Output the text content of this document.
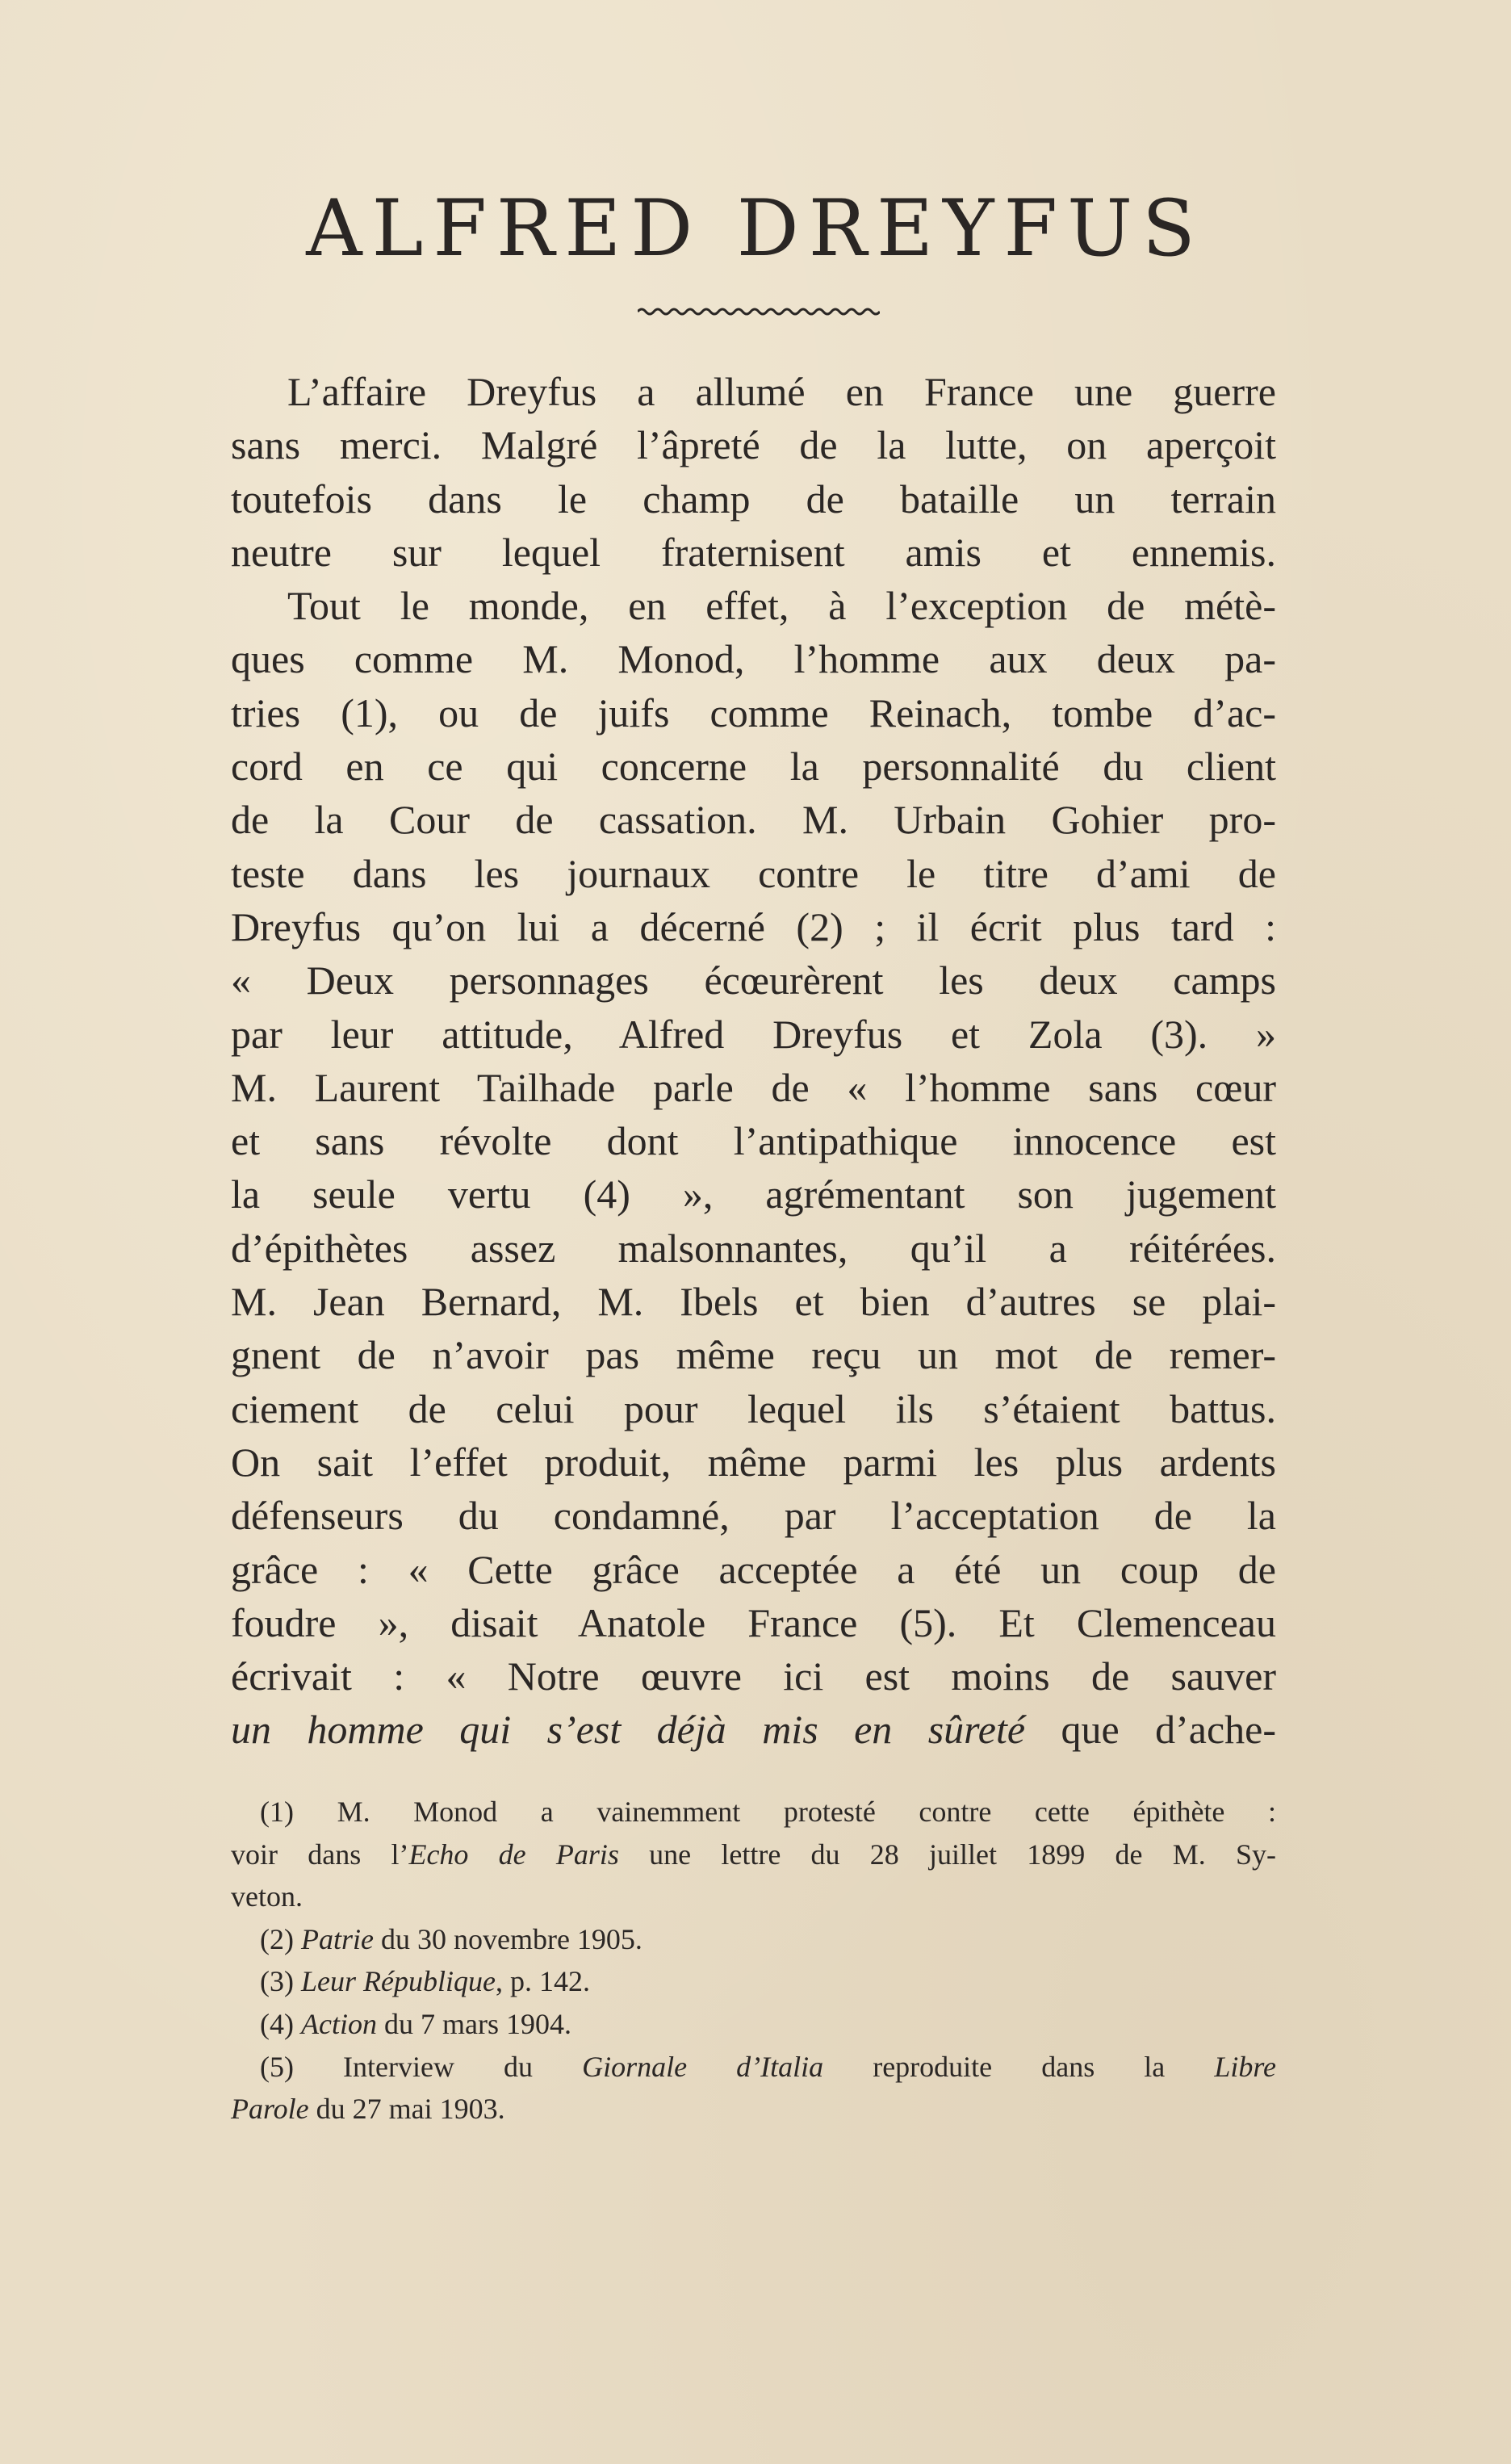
ALFRED DREYFUS
L’affaire Dreyfus a allumé en France une guerre
sans merci. Malgré l’âpreté de la lutte, on aperçoit
toutefois dans le champ de bataille un terrain
neutre sur lequel fraternisent amis et ennemis.
Tout le monde, en effet, à l’exception de métè-
ques comme M. Monod, l’homme aux deux pa-
tries (1), ou de juifs comme Reinach, tombe d’ac-
cord en ce qui concerne la personnalité du client
de la Cour de cassation. M. Urbain Gohier pro-
teste dans les journaux contre le titre d’ami de
Dreyfus qu’on lui a décerné (2) ; il écrit plus tard :
« Deux personnages écœurèrent les deux camps
par leur attitude, Alfred Dreyfus et Zola (3). »
M. Laurent Tailhade parle de « l’homme sans cœur
et sans révolte dont l’antipathique innocence est
la seule vertu (4) », agrémentant son jugement
d’épithètes assez malsonnantes, qu’il a réitérées.
M. Jean Bernard, M. Ibels et bien d’autres se plai-
gnent de n’avoir pas même reçu un mot de remer-
ciement de celui pour lequel ils s’étaient battus.
On sait l’effet produit, même parmi les plus ardents
défenseurs du condamné, par l’acceptation de la
grâce : « Cette grâce acceptée a été un coup de
foudre », disait Anatole France (5). Et Clemenceau
écrivait : « Notre œuvre ici est moins de sauver
un homme qui s’est déjà mis en sûreté que d’ache-
(1) M. Monod a vainemment protesté contre cette épithète :
voir dans l’Echo de Paris une lettre du 28 juillet 1899 de M. Sy-
veton.
(2) Patrie du 30 novembre 1905.
(3) Leur République, p. 142.
(4) Action du 7 mars 1904.
(5) Interview du Giornale d’Italia reproduite dans la Libre
Parole du 27 mai 1903.
